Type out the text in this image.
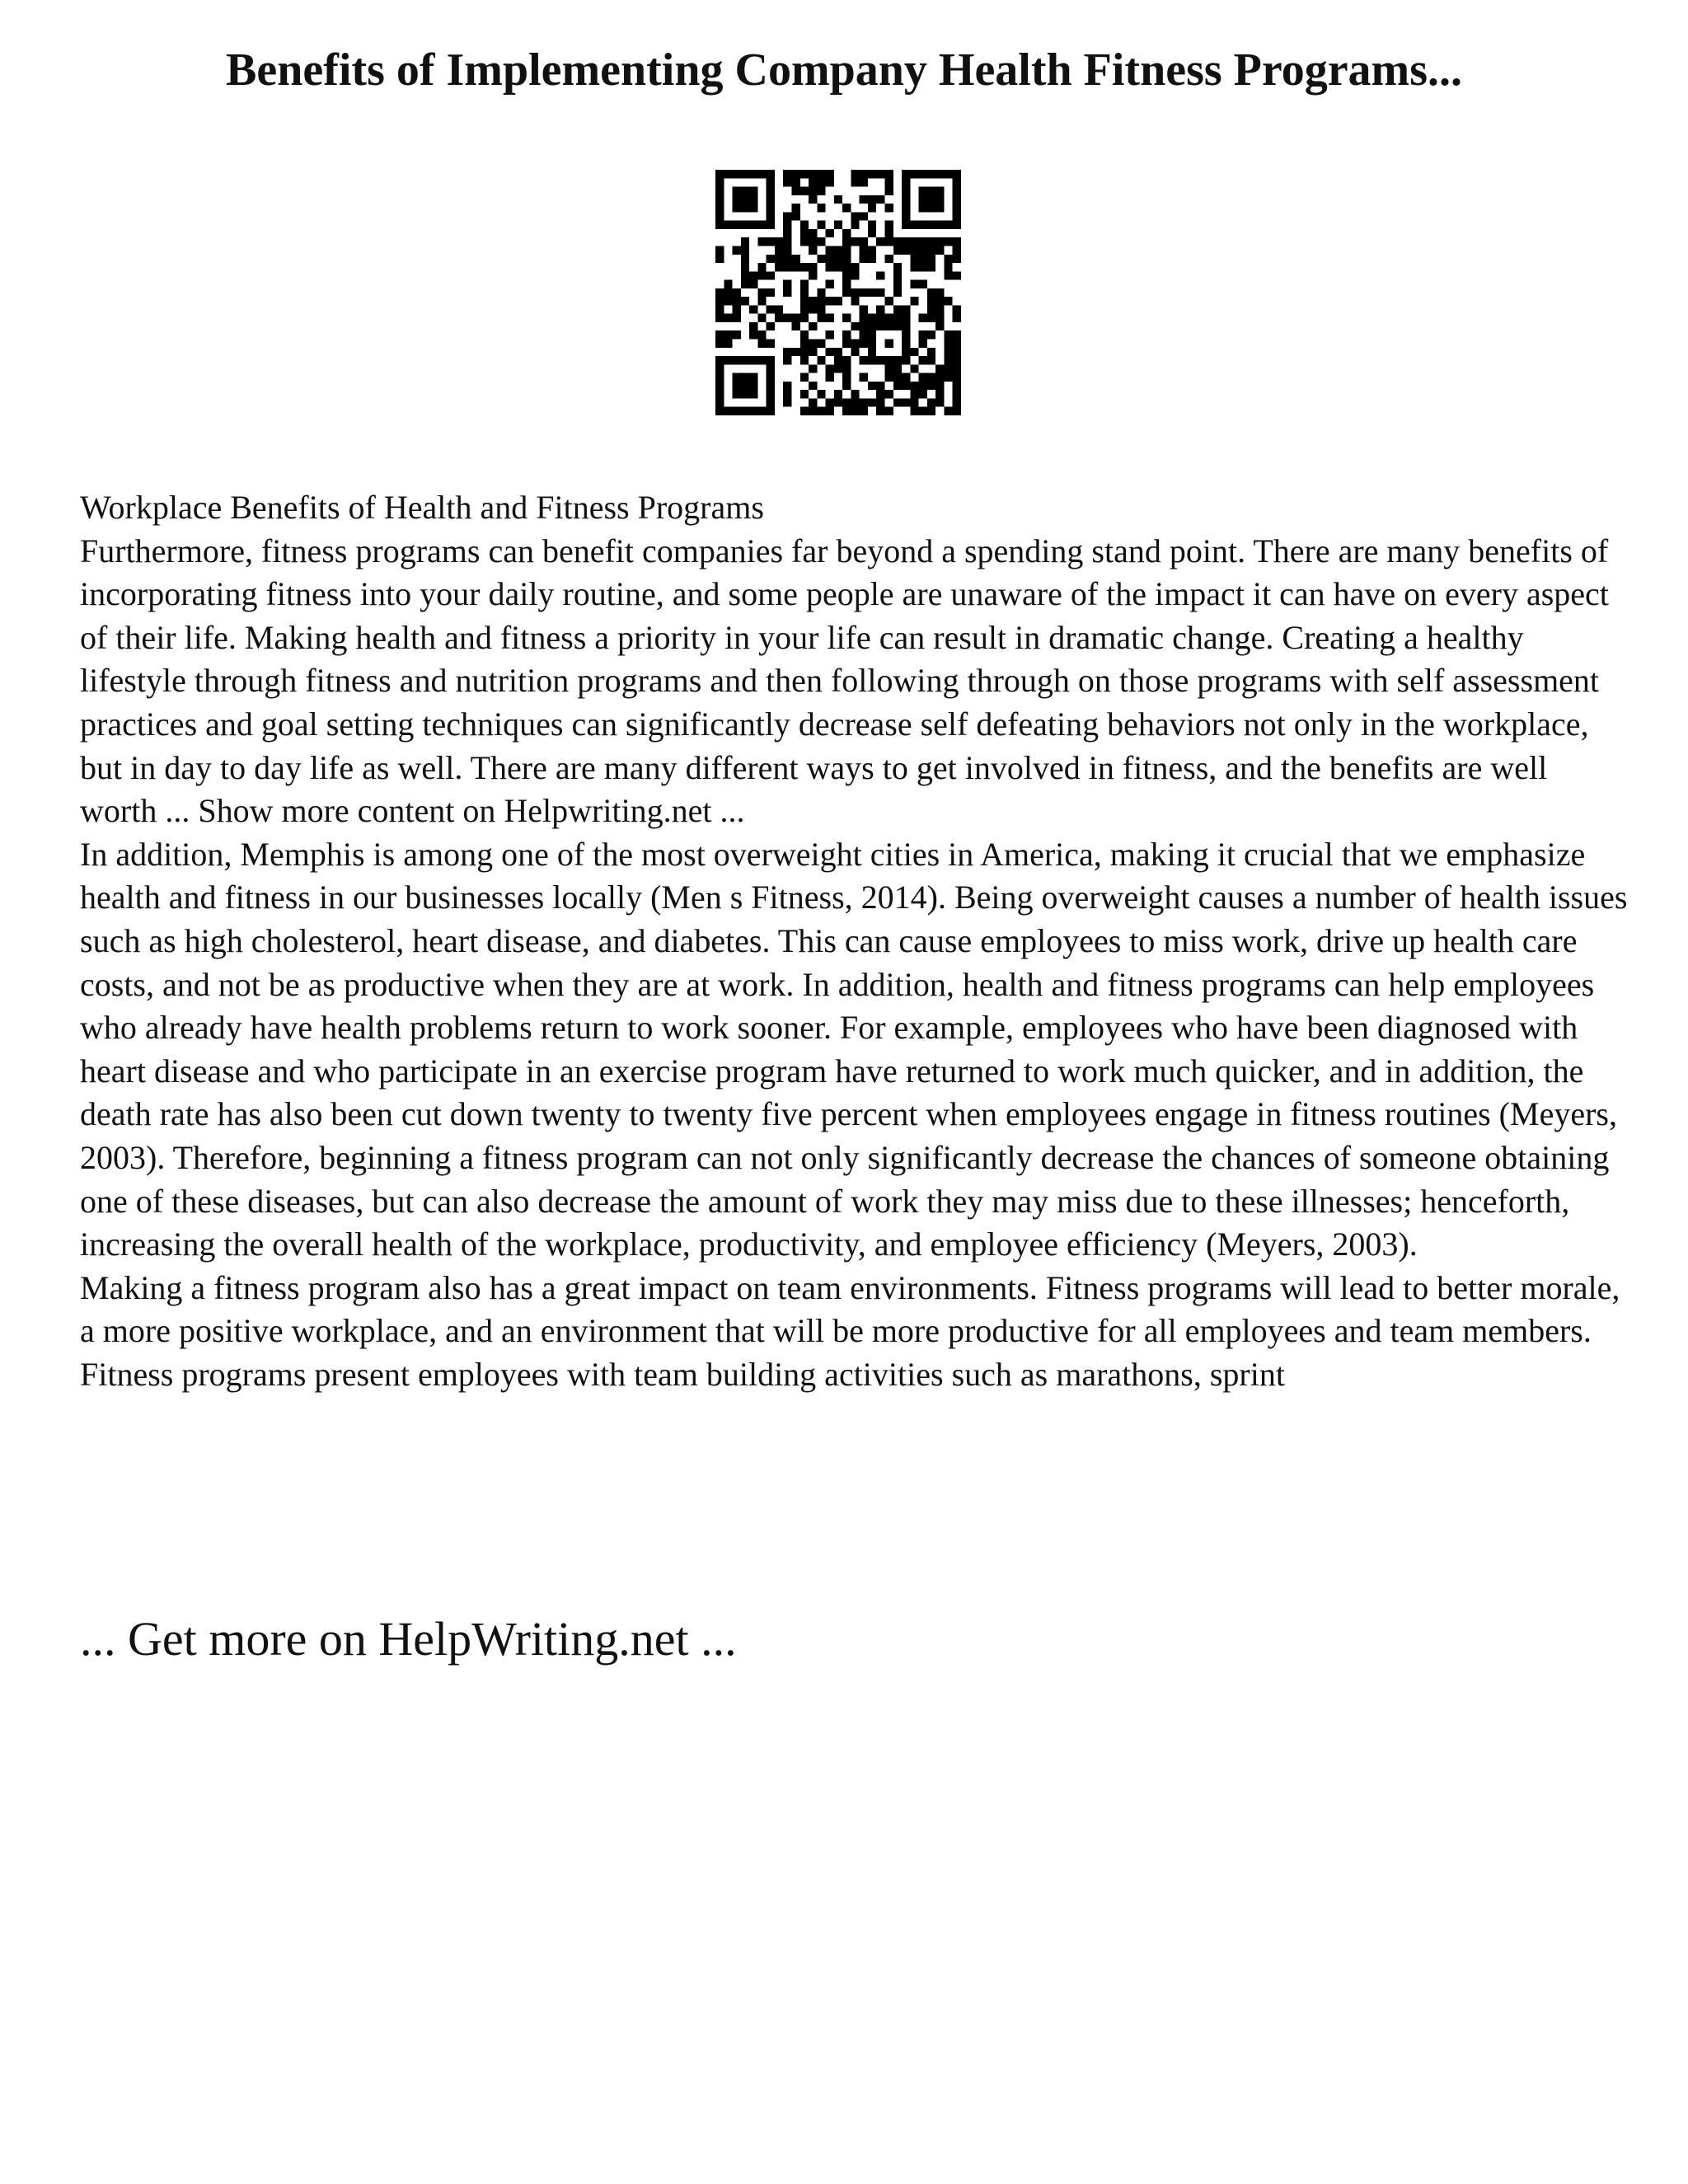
Benefits of Implementing Company Health Fitness Programs...

Workplace Benefits of Health and Fitness Programs

Furthermore, fitness programs can benefit companies far beyond a spending stand point. There are many benefits of incorporating fitness into your daily routine, and some people are unaware of the impact it can have on every aspect of their life. Making health and fitness a priority in your life can result in dramatic change. Creating a healthy lifestyle through fitness and nutrition programs and then following through on those programs with self assessment practices and goal setting techniques can significantly decrease self defeating behaviors not only in the workplace, but in day to day life as well. There are many different ways to get involved in fitness, and the benefits are well worth ... Show more content on Helpwriting.net ...

In addition, Memphis is among one of the most overweight cities in America, making it crucial that we emphasize health and fitness in our businesses locally (Men s Fitness, 2014). Being overweight causes a number of health issues such as high cholesterol, heart disease, and diabetes. This can cause employees to miss work, drive up health care costs, and not be as productive when they are at work. In addition, health and fitness programs can help employees who already have health problems return to work sooner. For example, employees who have been diagnosed with heart disease and who participate in an exercise program have returned to work much quicker, and in addition, the death rate has also been cut down twenty to twenty five percent when employees engage in fitness routines (Meyers, 2003). Therefore, beginning a fitness program can not only significantly decrease the chances of someone obtaining one of these diseases, but can also decrease the amount of work they may miss due to these illnesses; henceforth, increasing the overall health of the workplace, productivity, and employee efficiency (Meyers, 2003).

Making a fitness program also has a great impact on team environments. Fitness programs will lead to better morale, a more positive workplace, and an environment that will be more productive for all employees and team members. Fitness programs present employees with team building activities such as marathons, sprint

... Get more on HelpWriting.net ...
